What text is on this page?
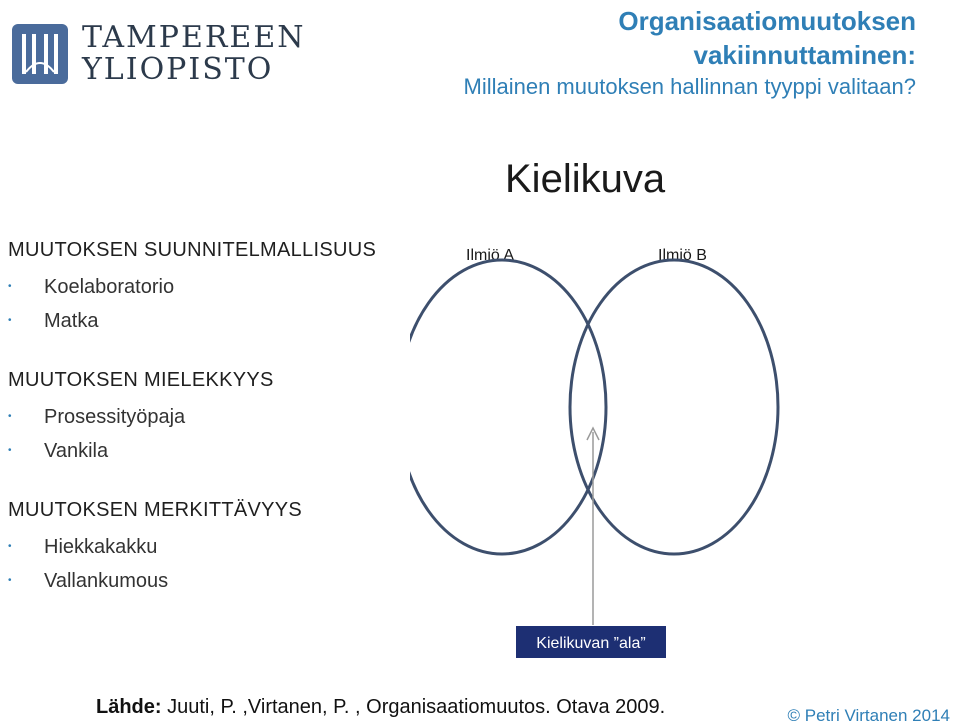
TAMPEREEN
YLIOPISTO
Organisaatiomuutoksen
vakiinnuttaminen:
Millainen muutoksen hallinnan tyyppi valitaan?
MUUTOKSEN SUUNNITELMALLISUUS
• Koelaboratorio
• Matka
MUUTOKSEN MIELEKKYYS
• Prosessityöpaja
• Vankila
MUUTOKSEN MERKITTÄVYYS
• Hiekkakakku
• Vallankumous
Kielikuva
Ilmiö A	Ilmiö B
Kielikuvan ”ala”
Lähde: Juuti, P. ,Virtanen, P. , Organisaatiomuutos. Otava 2009.	© Petri Virtanen 2014
